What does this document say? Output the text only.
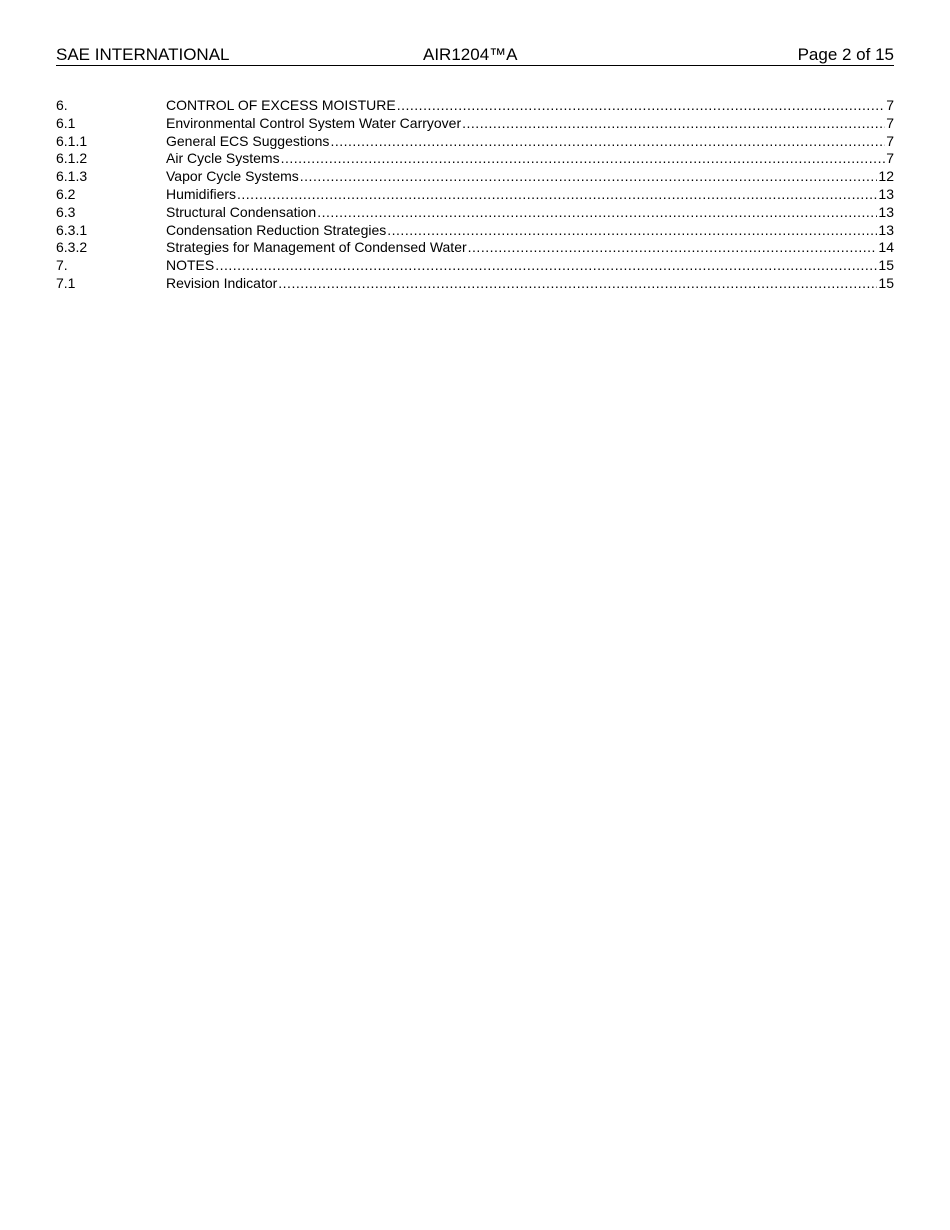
SAE INTERNATIONAL	AIR1204™A	Page 2 of 15
6.	CONTROL OF EXCESS MOISTURE .....	7
6.1	Environmental Control System Water Carryover .....	7
6.1.1	General ECS Suggestions .....	7
6.1.2	Air Cycle Systems .....	7
6.1.3	Vapor Cycle Systems .....	12
6.2	Humidifiers .....	13
6.3	Structural Condensation .....	13
6.3.1	Condensation Reduction Strategies .....	13
6.3.2	Strategies for Management of Condensed Water .....	14
7.	NOTES .....	15
7.1	Revision Indicator .....	15
